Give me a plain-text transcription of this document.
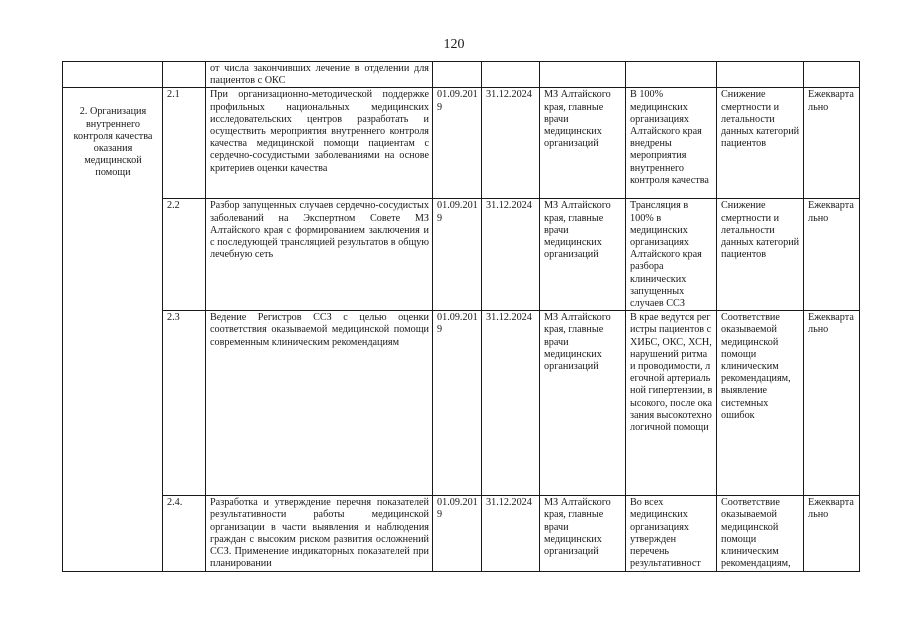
120

		от числа закончивших лечение в отделении для пациентов с ОКС						

2. Организация внутреннего контроля качества оказания медицинской помощи	2.1	При организационно-методической поддержке профильных национальных медицинских исследовательских центров разработать и осуществить мероприятия внутреннего контроля качества медицинской помощи пациентам с сердечно-сосудистыми заболеваниями на основе критериев оценки качества	01.09.2019	31.12.2024	МЗ Алтайского края, главные врачи медицинских организаций	В 100% медицинских организациях Алтайского края внедрены мероприятия внутреннего контроля качества	Снижение смертности и летальности данных категорий пациентов	Ежеквартально
	2.2	Разбор запущенных случаев сердечно-сосудистых заболеваний на Экспертном Совете МЗ Алтайского края с формированием заключения и с последующей трансляцией результатов в общую лечебную сеть	01.09.2019	31.12.2024	МЗ Алтайского края, главные врачи медицинских организаций	Трансляция в 100% в медицинских организациях Алтайского края разбора клинических запущенных случаев ССЗ	Снижение смертности и летальности данных категорий пациентов	Ежеквартально
	2.3	Ведение Регистров ССЗ с целью оценки соответствия оказываемой медицинской помощи современным клиническим рекомендациям	01.09.2019	31.12.2024	МЗ Алтайского края, главные врачи медицинских организаций	В крае ведутся регистры пациентов с ХИБС, ОКС, ХСН, нарушений ритма и проводимости, легочной артериальной гипертензии, высокого, после оказания высокотехнологичной помощи	Соответствие оказываемой медицинской помощи клиническим рекомендациям, выявление системных ошибок	Ежеквартально
	2.4.	Разработка и утверждение перечня показателей результативности работы медицинской организации в части выявления и наблюдения граждан с высоким риском развития осложнений ССЗ. Применение индикаторных показателей при планировании	01.09.2019	31.12.2024	МЗ Алтайского края, главные врачи медицинских организаций	Во всех медицинских организациях утвержден перечень результативност	Соответствие оказываемой медицинской помощи клиническим рекомендациям,	Ежеквартально
